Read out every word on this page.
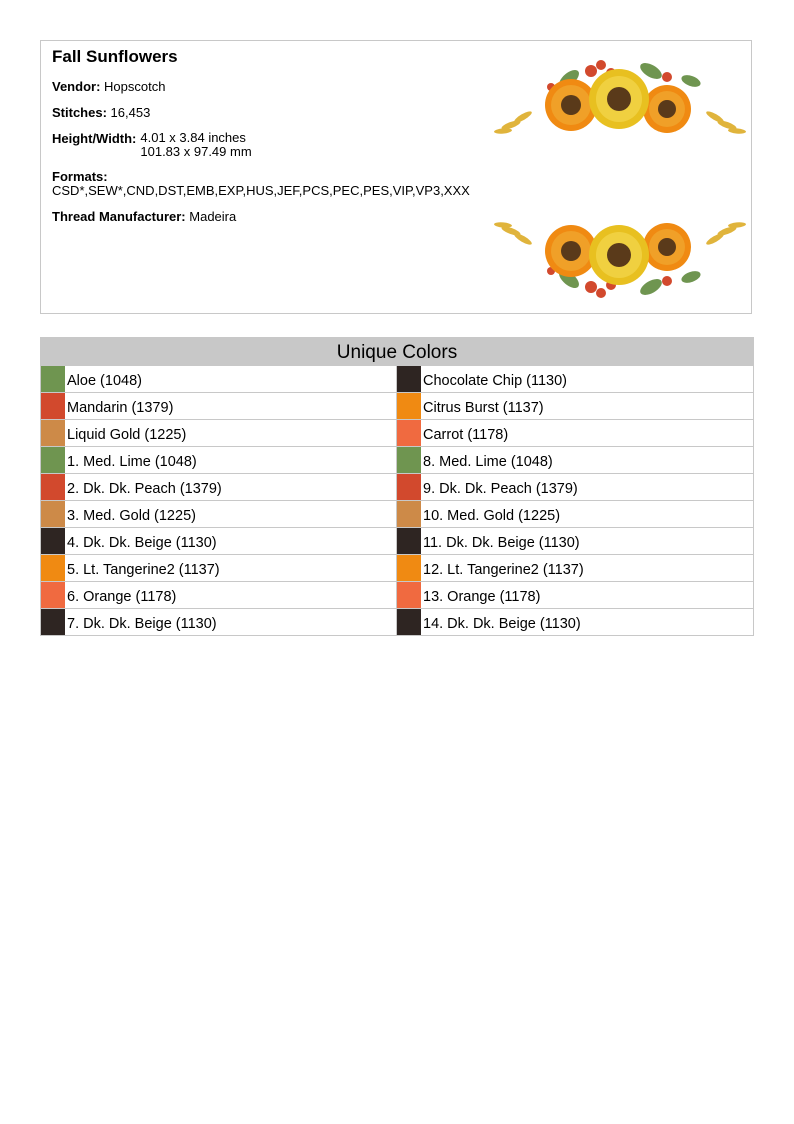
Fall Sunflowers
Vendor: Hopscotch
Stitches: 16,453
Height/Width: 4.01 x 3.84 inches
101.83 x 97.49 mm
Formats:
CSD*,SEW*,CND,DST,EMB,EXP,HUS,JEF,PCS,PEC,PES,VIP,VP3,XXX
Thread Manufacturer: Madeira
Unique Colors
Aloe (1048)
Mandarin (1379)
Liquid Gold (1225)
1. Med. Lime (1048)
2. Dk. Dk. Peach (1379)
3. Med. Gold (1225)
4. Dk. Dk. Beige (1130)
5. Lt. Tangerine2 (1137)
6. Orange (1178)
7. Dk. Dk. Beige (1130)
Chocolate Chip (1130)
Citrus Burst (1137)
Carrot (1178)
8. Med. Lime (1048)
9. Dk. Dk. Peach (1379)
10. Med. Gold (1225)
11. Dk. Dk. Beige (1130)
12. Lt. Tangerine2 (1137)
13. Orange (1178)
14. Dk. Dk. Beige (1130)
